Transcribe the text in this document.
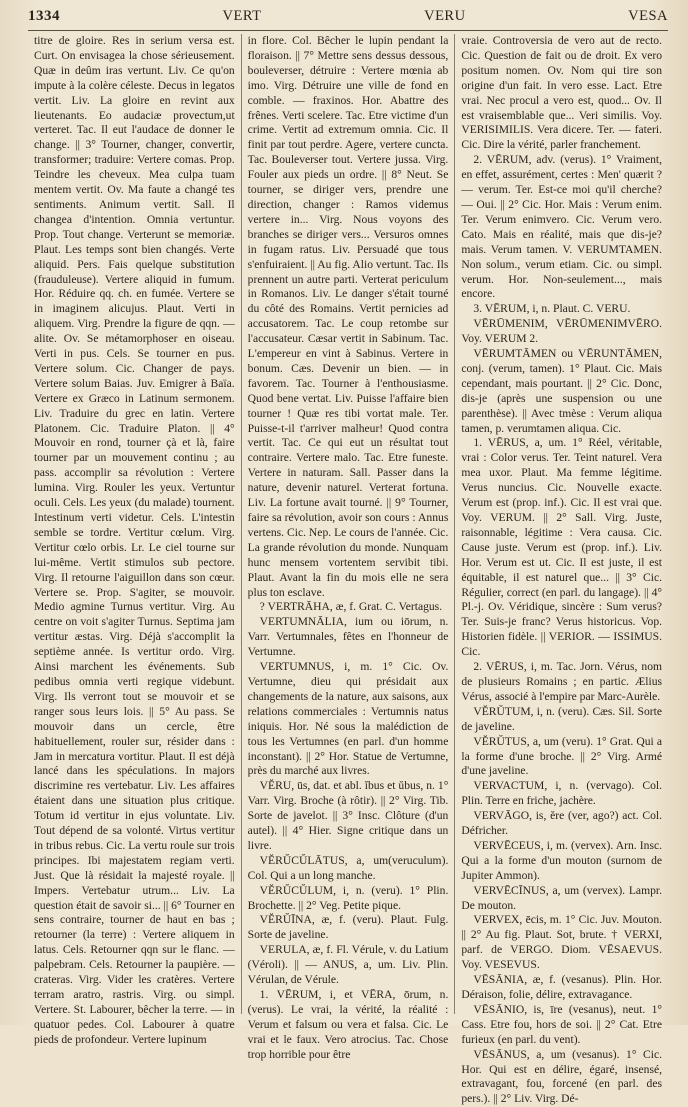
1334	VERT	VERU	VESA

titre de gloire. Res in serium versa est. Curt. On envisagea la chose sérieusement. Quæ in deûm iras vertunt. Liv. Ce qu'on impute à la colère céleste. Decus in legatos vertit. Liv. La gloire en revint aux lieutenants. Eo audaciæ provectum,ut verteret. Tac. Il eut l'audace de donner le change. || 3° Tourner, changer, convertir, transformer; traduire: Vertere comas. Prop. Teindre les cheveux. Mea culpa tuam mentem vertit. Ov. Ma faute a changé tes sentiments. Animum vertit. Sall. Il changea d'intention. Omnia vertuntur. Prop. Tout change. Verterunt se memoriæ. Plaut. Les temps sont bien changés. Verte aliquid. Pers. Fais quelque substitution (frauduleuse). Vertere aliquid in fumum. Hor. Réduire qq. ch. en fumée. Vertere se in imaginem alicujus. Plaut. Verti in aliquem. Virg. Prendre la figure de qqn. — alite. Ov. Se métamorphoser en oiseau. Verti in pus. Cels. Se tourner en pus. Vertere solum. Cic. Changer de pays. Vertere solum Baias. Juv. Emigrer à Baïa. Vertere ex Græco in Latinum sermonem. Liv. Traduire du grec en latin. Vertere Platonem. Cic. Traduire Platon. || 4° Mouvoir en rond, tourner çà et là, faire tourner par un mouvement continu ; au pass. accomplir sa révolution : Vertere lumina. Virg. Rouler les yeux. Vertuntur oculi. Cels. Les yeux (du malade) tournent. Intestinum verti videtur. Cels. L'intestin semble se tordre. Vertitur cœlum. Virg. Vertitur cœlo orbis. Lr. Le ciel tourne sur lui-même. Vertit stimulos sub pectore. Virg. Il retourne l'aiguillon dans son cœur. Vertere se. Prop. S'agiter, se mouvoir. Medio agmine Turnus vertitur. Virg. Au centre on voit s'agiter Turnus. Septima jam vertitur æstas. Virg. Déjà s'accomplit la septième année. Is vertitur ordo. Virg. Ainsi marchent les événements. Sub pedibus omnia verti regique videbunt. Virg. Ils verront tout se mouvoir et se ranger sous leurs lois. || 5° Au pass. Se mouvoir dans un cercle, être habituellement, rouler sur, résider dans : Jam in mercatura vortitur. Plaut. Il est déjà lancé dans les spéculations. In majors discrimine res vertebatur. Liv. Les affaires étaient dans une situation plus critique. Totum id vertitur in ejus voluntate. Liv. Tout dépend de sa volonté. Virtus vertitur in tribus rebus. Cic. La vertu roule sur trois principes. Ibi majestatem regiam verti. Just. Que là résidait la majesté royale. || Impers. Vertebatur utrum... Liv. La question était de savoir si... || 6° Tourner en sens contraire, tourner de haut en bas ; retourner (la terre) : Vertere aliquem in latus. Cels. Retourner qqn sur le flanc. — palpebram. Cels. Retourner la paupière. — crateras. Virg. Vider les cratères. Vertere terram aratro, rastris. Virg. ou simpl. Vertere. St. Labourer, bêcher la terre. — in quatuor pedes. Col. Labourer à quatre pieds de profondeur. Vertere lupinum

in flore. Col. Bêcher le lupin pendant la floraison. || 7° Mettre sens dessus dessous, bouleverser, détruire : Vertere mœnia ab imo. Virg. Détruire une ville de fond en comble. — fraxinos. Hor. Abattre des frênes. Verti scelere. Tac. Etre victime d'un crime. Vertit ad extremum omnia. Cic. Il finit par tout perdre. Agere, vertere cuncta. Tac. Bouleverser tout. Vertere jussa. Virg. Fouler aux pieds un ordre. || 8° Neut. Se tourner, se diriger vers, prendre une direction, changer : Ramos videmus vertere in... Virg. Nous voyons des branches se diriger vers... Versuros omnes in fugam ratus. Liv. Persuadé que tous s'enfuiraient. || Au fig. Alio vertunt. Tac. Ils prennent un autre parti. Verterat periculum in Romanos. Liv. Le danger s'était tourné du côté des Romains. Vertit pernicies ad accusatorem. Tac. Le coup retombe sur l'accusateur. Cæsar vertit in Sabinum. Tac. L'empereur en vint à Sabinus. Vertere in bonum. Cæs. Devenir un bien. — in favorem. Tac. Tourner à l'enthousiasme. Quod bene vertat. Liv. Puisse l'affaire bien tourner ! Quæ res tibi vortat male. Ter. Puisse-t-il t'arriver malheur! Quod contra vertit. Tac. Ce qui eut un résultat tout contraire. Vertere malo. Tac. Etre funeste. Vertere in naturam. Sall. Passer dans la nature, devenir naturel. Verterat fortuna. Liv. La fortune avait tourné. || 9° Tourner, faire sa révolution, avoir son cours : Annus vertens. Cic. Nep. Le cours de l'année. Cic. La grande révolution du monde. Nunquam hunc mensem vortentem servibit tibi. Plaut. Avant la fin du mois elle ne sera plus ton esclave.

? VERTRĀHA, æ, f. Grat. C. Vertagus.

VERTUMNĀLIA, ium ou iōrum, n. Varr. Vertumnales, fêtes en l'honneur de Vertumne.

VERTUMNUS, i, m. 1° Cic. Ov. Vertumne, dieu qui présidait aux changements de la nature, aux saisons, aux relations commerciales : Vertumnis natus iniquis. Hor. Né sous la malédiction de tous les Vertumnes (en parl. d'un homme inconstant). || 2° Hor. Statue de Vertumne, près du marché aux livres.

VĔRU, ūs, dat. et abl. ĭbus et ŭbus, n. 1° Varr. Virg. Broche (à rôtir). || 2° Virg. Tib. Sorte de javelot. || 3° Insc. Clôture (d'un autel). || 4° Hier. Signe critique dans un livre.

VĔRŬCŬLĀTUS, a, um(veruculum). Col. Qui a un long manche.

VĔRŬCŬLUM, i, n. (veru). 1° Plin. Brochette. || 2° Veg. Petite pique.

VĔRŬĪNA, æ, f. (veru). Plaut. Fulg. Sorte de javeline.

VERULA, æ, f. Fl. Vérule, v. du Latium (Véroli). || — ANUS, a, um. Liv. Plin. Vérulan, de Vérule.

1. VĒRUM, i, et VĒRA, ōrum, n. (verus). Le vrai, la vérité, la réalité : Verum et falsum ou vera et falsa. Cic. Le vrai et le faux. Vero atrocius. Tac. Chose trop horrible pour être

vraie. Controversia de vero aut de recto. Cic. Question de fait ou de droit. Ex vero positum nomen. Ov. Nom qui tire son origine d'un fait. In vero esse. Lact. Etre vrai. Nec procul a vero est, quod... Ov. Il est vraisemblable que... Veri similis. Voy. VERISIMILIS. Vera dicere. Ter. — fateri. Cic. Dire la vérité, parler franchement.

2. VĒRUM, adv. (verus). 1° Vraiment, en effet, assurément, certes : Men' quærit ? — verum. Ter. Est-ce moi qu'il cherche? — Oui. || 2° Cic. Hor. Mais : Verum enim. Ter. Verum enimvero. Cic. Verum vero. Cato. Mais en réalité, mais que dis-je? mais. Verum tamen. V. VERUMTAMEN. Non solum., verum etiam. Cic. ou simpl. verum. Hor. Non-seulement..., mais encore.

3. VĒRUM, i, n. Plaut. C. VERU.

VĒRŪMENIM, VĒRŪMENIMVĒRO. Voy. VERUM 2.

VĒRUMTĀMEN ou VĒRUNTĀMEN, conj. (verum, tamen). 1° Plaut. Cic. Mais cependant, mais pourtant. || 2° Cic. Donc, dis-je (après une suspension ou une parenthèse). || Avec tmèse : Verum aliqua tamen, p. verumtamen aliqua. Cic.

1. VĒRUS, a, um. 1° Réel, véritable, vrai : Color verus. Ter. Teint naturel. Vera mea uxor. Plaut. Ma femme légitime. Verus nuncius. Cic. Nouvelle exacte. Verum est (prop. inf.). Cic. Il est vrai que. Voy. VERUM. || 2° Sall. Virg. Juste, raisonnable, légitime : Vera causa. Cic. Cause juste. Verum est (prop. inf.). Liv. Hor. Verum est ut. Cic. Il est juste, il est équitable, il est naturel que... || 3° Cic. Régulier, correct (en parl. du langage). || 4° Pl.-j. Ov. Véridique, sincère : Sum verus? Ter. Suis-je franc? Verus historicus. Vop. Historien fidèle. || VERIOR. — ISSIMUS. Cic.

2. VĒRUS, i, m. Tac. Jorn. Vérus, nom de plusieurs Romains ; en partic. Ælius Vérus, associé à l'empire par Marc-Aurèle.

VĔRŬTUM, i, n. (veru). Cæs. Sil. Sorte de javeline.

VĔRŬTUS, a, um (veru). 1° Grat. Qui a la forme d'une broche. || 2° Virg. Armé d'une javeline.

VERVACTUM, i, n. (vervago). Col. Plin. Terre en friche, jachère.

VERVĀGO, is, ĕre (ver, ago?) act. Col. Défricher.

VERVĒCEUS, i, m. (vervex). Arn. Insc. Qui a la forme d'un mouton (surnom de Jupiter Ammon).

VERVĒCĪNUS, a, um (vervex). Lampr. De mouton.

VERVEX, ēcis, m. 1° Cic. Juv. Mouton. || 2° Au fig. Plaut. Sot, brute. † VERXI, parf. de VERGO. Diom. VĒSAEVUS. Voy. VESEVUS.

VĒSĀNIA, æ, f. (vesanus). Plin. Hor. Déraison, folie, délire, extravagance.

VĒSĀNIO, is, īre (vesanus), neut. 1° Cass. Etre fou, hors de soi. || 2° Cat. Etre furieux (en parl. du vent).

VĒSĀNUS, a, um (vesanus). 1° Cic. Hor. Qui est en délire, égaré, insensé, extravagant, fou, forcené (en parl. des pers.). || 2° Liv. Virg. Dé-
